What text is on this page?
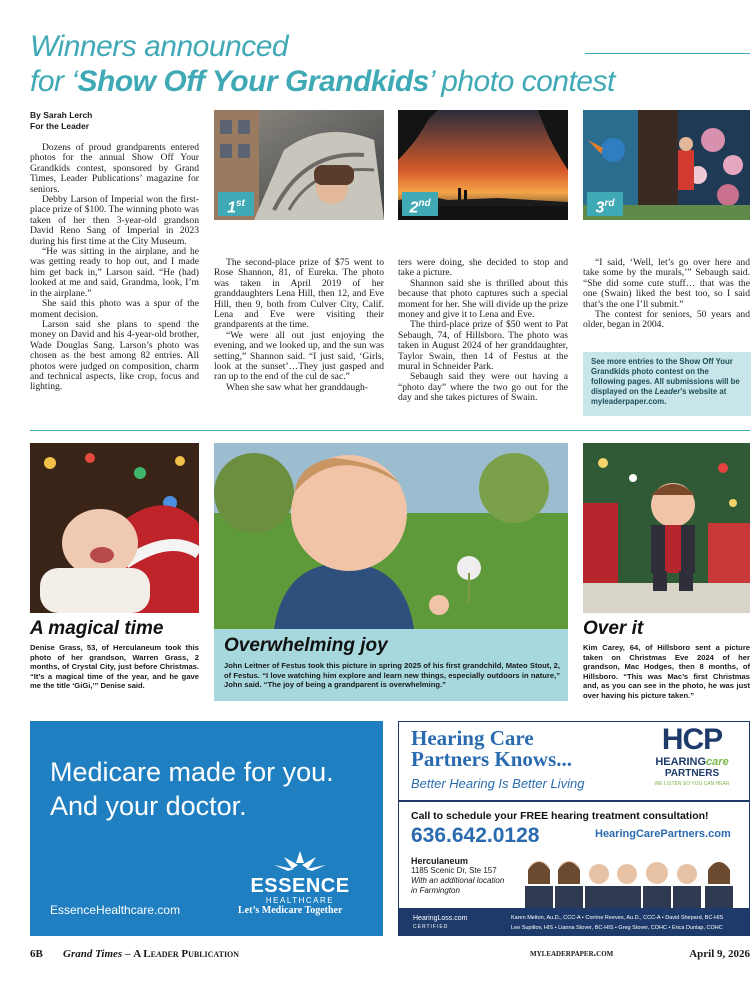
Winners announced
for ‘Show Off Your Grandkids’ photo contest
By Sarah Lerch
For the Leader

Dozens of proud grandparents entered photos for the annual Show Off Your Grandkids contest, sponsored by Grand Times, Leader Publications’ magazine for seniors.

Debby Larson of Imperial won the first-place prize of $100. The winning photo was taken of her then 3-year-old grandson David Reno Sang of Imperial in 2023 during his first time at the City Museum.

“He was sitting in the airplane, and he was getting ready to hop out, and I made him get back in,” Larson said. “He (had) looked at me and said, Grandma, look, I’m in the airplane.”

She said this photo was a spur of the moment decision.

Larson said she plans to spend the money on David and his 4-year-old brother, Wade Douglas Sang. Larson’s photo was chosen as the best among 82 entries. All photos were judged on composition, charm and technical aspects, like crop, focus and lighting.

1st	2nd	3rd

The second-place prize of $75 went to Rose Shannon, 81, of Eureka. The photo was taken in April 2019 of her granddaughters Lena Hill, then 12, and Eve Hill, then 9, both from Culver City, Calif. Lena and Eve were visiting their grandparents at the time.

“We were all out just enjoying the evening, and we looked up, and the sun was setting,” Shannon said. “I just said, ‘Girls, look at the sunset’…They just gasped and ran up to the end of the cul de sac.”

When she saw what her granddaugh-

ters were doing, she decided to stop and take a picture.

Shannon said she is thrilled about this because that photo captures such a special moment for her. She will divide up the prize money and give it to Lena and Eve.

The third-place prize of $50 went to Pat Sebaugh, 74, of Hillsboro. The photo was taken in August 2024 of her granddaughter, Taylor Swain, then 14 of Festus at the mural in Schneider Park.

Sebaugh said they were out having a “photo day” where the two go out for the day and she takes pictures of Swain.

“I said, ‘Well, let’s go over here and take some by the murals,’” Sebaugh said. “She did some cute stuff… that was the one (Swain) liked the best too, so I said that’s the one I’ll submit.”

The contest for seniors, 50 years and older, began in 2004.

See more entries to the Show Off Your Grandkids photo contest on the following pages. All submissions will be displayed on the Leader’s website at myleaderpaper.com.
A magical time
Denise Grass, 53, of Herculaneum took this photo of her grandson, Warren Grass, 2 months, of Crystal City, just before Christmas. “It’s a magical time of the year, and he gave me the title ‘GiGi,’” Denise said.
Overwhelming joy
John Leitner of Festus took this picture in spring 2025 of his first grandchild, Mateo Stout, 2, of Festus. “I love watching him explore and learn new things, especially outdoors in nature,” John said. “The joy of being a grandparent is overwhelming.”
Over it
Kim Carey, 64, of Hillsboro sent a picture taken on Christmas Eve 2024 of her grandson, Mac Hodges, then 8 months, of Hillsboro. “This was Mac’s first Christmas and, as you can see in the photo, he was just over having his picture taken.”
Medicare made for you.
And your doctor.
ESSENCE
HEALTHCARE
EssenceHealthcare.com	Let’s Medicare Together
Hearing Care
Partners Knows...
Better Hearing Is Better Living
HCP
HEARINGcare
PARTNERS
WE LISTEN SO YOU CAN HEAR
Call to schedule your FREE hearing treatment consultation!
636.642.0128	HearingCarePartners.com
Herculaneum
1185 Scenic Dr, Ste 157
With an additional location
in Farmington
HearingLoss.com
CERTIFIED
Karen Melton, Au.D., CCC-A • Corrine Reeves, Au.D., CCC-A • David Shepard, BC-HIS
Lee Supitlov, HIS • Lianna Stover, BC-HIS • Greg Stover, COHC • Erica Dunlap, COHC
6B Grand Times – A Leader Publication	myleaderpaper.com	April 9, 2026
